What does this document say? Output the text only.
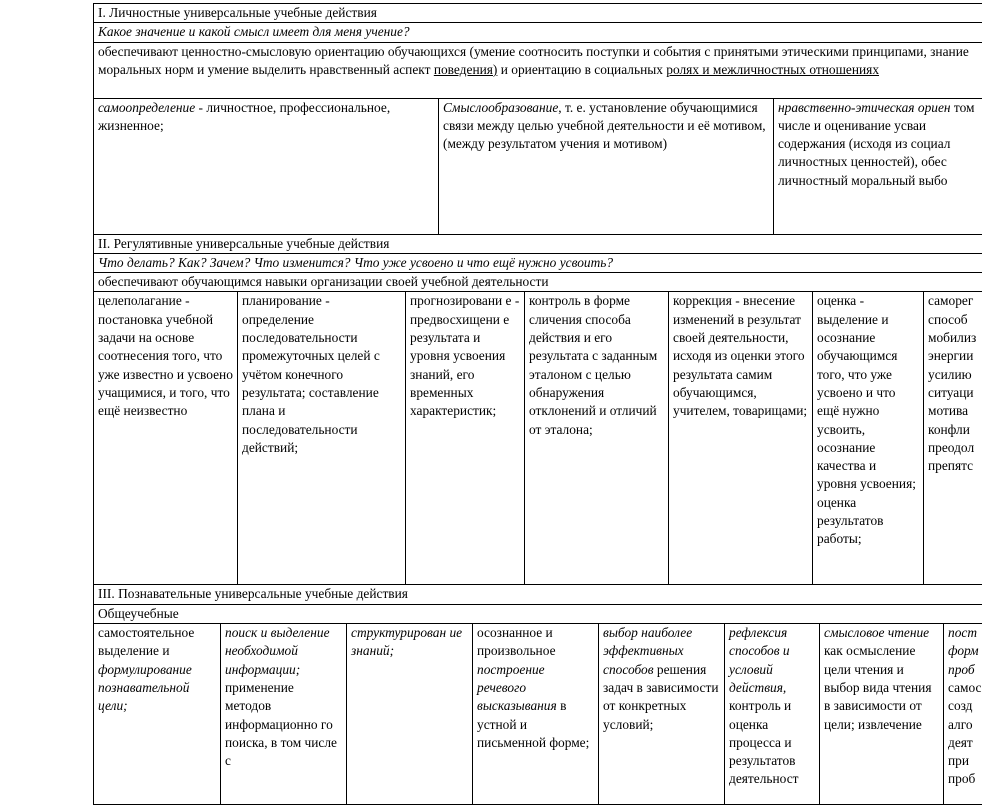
I. Личностные универсальные учебные действия
Какое значение и какой смысл имеет для меня учение?
обеспечивают ценностно-смысловую ориентацию обучающихся (умение соотносить поступки и события с принятыми этическими принципами, знание моральных норм и умение выделить нравственный аспект поведения) и ориентацию в социальных ролях и межличностных отношениях
самоопределение - личностное, профессиональное, жизненное;	Смыслообразование, т. е. установление обучающимися связи между целью учебной деятельности и её мотивом, (между результатом учения и мотивом)	нравственно-этическая ориен том числе и оценивание усваи содержания (исходя из социал личностных ценностей), обес личностный моральный выбо
II. Регулятивные универсальные учебные действия
Что делать? Как? Зачем? Что изменится? Что уже усвоено и что ещё нужно усвоить?
обеспечивают обучающимся навыки организации своей учебной деятельности
целеполагание - постановка учебной задачи на основе соотнесения того, что уже известно и усвоено учащимися, и того, что ещё неизвестно	планирование - определение последовательности промежуточных целей с учётом конечного результата; составление плана и последовательности действий;	прогнозировани е - предвосхищени е результата и уровня усвоения знаний, его временных характеристик;	контроль в форме сличения способа действия и его результата с заданным эталоном с целью обнаружения отклонений и отличий от эталона;	коррекция - внесение изменений в результат своей деятельности, исходя из оценки этого результата самим обучающимся, учителем, товарищами;	оценка - выделение и осознание обучающимся того, что уже усвоено и что ещё нужно усвоить, осознание качества и уровня усвоения; оценка результатов работы;	саморег способ мобилиз энергии усилию ситуаци мотива конфли преодол препятс
III. Познавательные универсальные учебные действия
Общеучебные
самостоятельное выделение и формулирование познавательной цели;	поиск и выделение необходимой информации; применение методов информационно го поиска, в том числе с	структурирован ие знаний;	осознанное и произвольное построение речевого высказывания в устной и письменной форме;	выбор наиболее эффективных способов решения задач в зависимости от конкретных условий;	рефлексия способов и условий действия, контроль и оценка процесса и результатов деятельност	смысловое чтение как осмысление цели чтения и выбор вида чтения в зависимости от цели; извлечение	пост форм проб самос созд алго деят при проб
